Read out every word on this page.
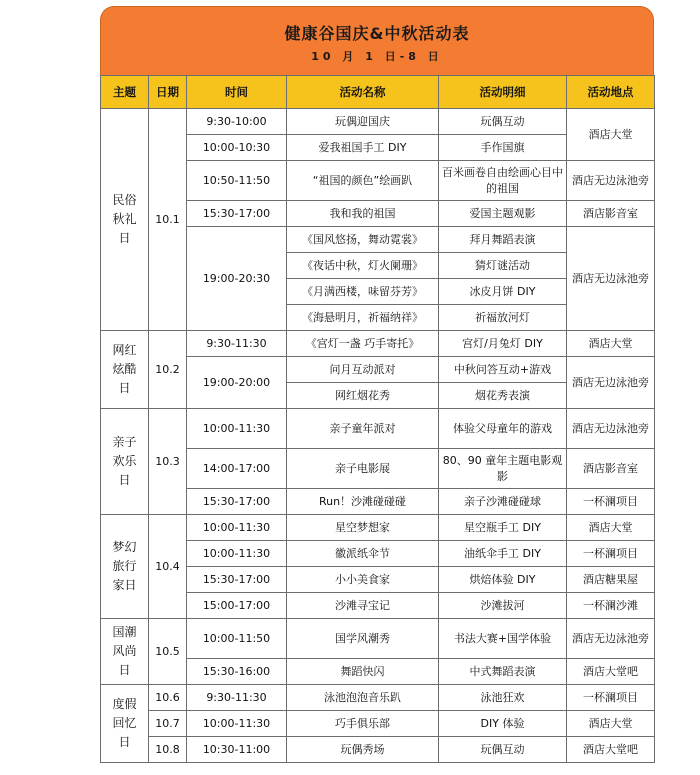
健康谷国庆&中秋活动表
10 月 1 日-8 日
主题	日期	时间	活动名称	活动明细	活动地点
民俗秋礼日	10.1	9:30-10:00	玩偶迎国庆	玩偶互动	酒店大堂
		10:00-10:30	爱我祖国手工 DIY	手作国旗	
		10:50-11:50	“祖国的颜色”绘画趴	百米画卷自由绘画心目中的祖国	酒店无边泳池旁
		15:30-17:00	我和我的祖国	爱国主题观影	酒店影音室
		19:00-20:30	《国风悠扬，舞动霓裳》	拜月舞蹈表演	酒店无边泳池旁
			《夜话中秋，灯火阑珊》	猜灯谜活动	
			《月满西楼，味留芬芳》	冰皮月饼 DIY	
			《海悬明月，祈福纳祥》	祈福放河灯	
网红炫酷日	10.2	9:30-11:30	《宫灯一盏 巧手寄托》	宫灯/月兔灯 DIY	酒店大堂
		19:00-20:00	问月互动派对	中秋问答互动+游戏	酒店无边泳池旁
			网红烟花秀	烟花秀表演	
亲子欢乐日	10.3	10:00-11:30	亲子童年派对	体验父母童年的游戏	酒店无边泳池旁
		14:00-17:00	亲子电影展	80、90 童年主题电影观影	酒店影音室
		15:30-17:00	Run！沙滩碰碰碰	亲子沙滩碰碰球	一杯澜项目
梦幻旅行家日	10.4	10:00-11:30	星空梦想家	星空瓶手工 DIY	酒店大堂
		10:00-11:30	徽派纸伞节	油纸伞手工 DIY	一杯澜项目
		15:30-17:00	小小美食家	烘焙体验 DIY	酒店糖果屋
		15:00-17:00	沙滩寻宝记	沙滩拔河	一杯澜沙滩
国潮风尚日	10.5	10:00-11:50	国学风潮秀	书法大赛+国学体验	酒店无边泳池旁
		15:30-16:00	舞蹈快闪	中式舞蹈表演	酒店大堂吧
度假回忆日	10.6	9:30-11:30	泳池泡泡音乐趴	泳池狂欢	一杯澜项目
	10.7	10:00-11:30	巧手俱乐部	DIY 体验	酒店大堂
	10.8	10:30-11:00	玩偶秀场	玩偶互动	酒店大堂吧
